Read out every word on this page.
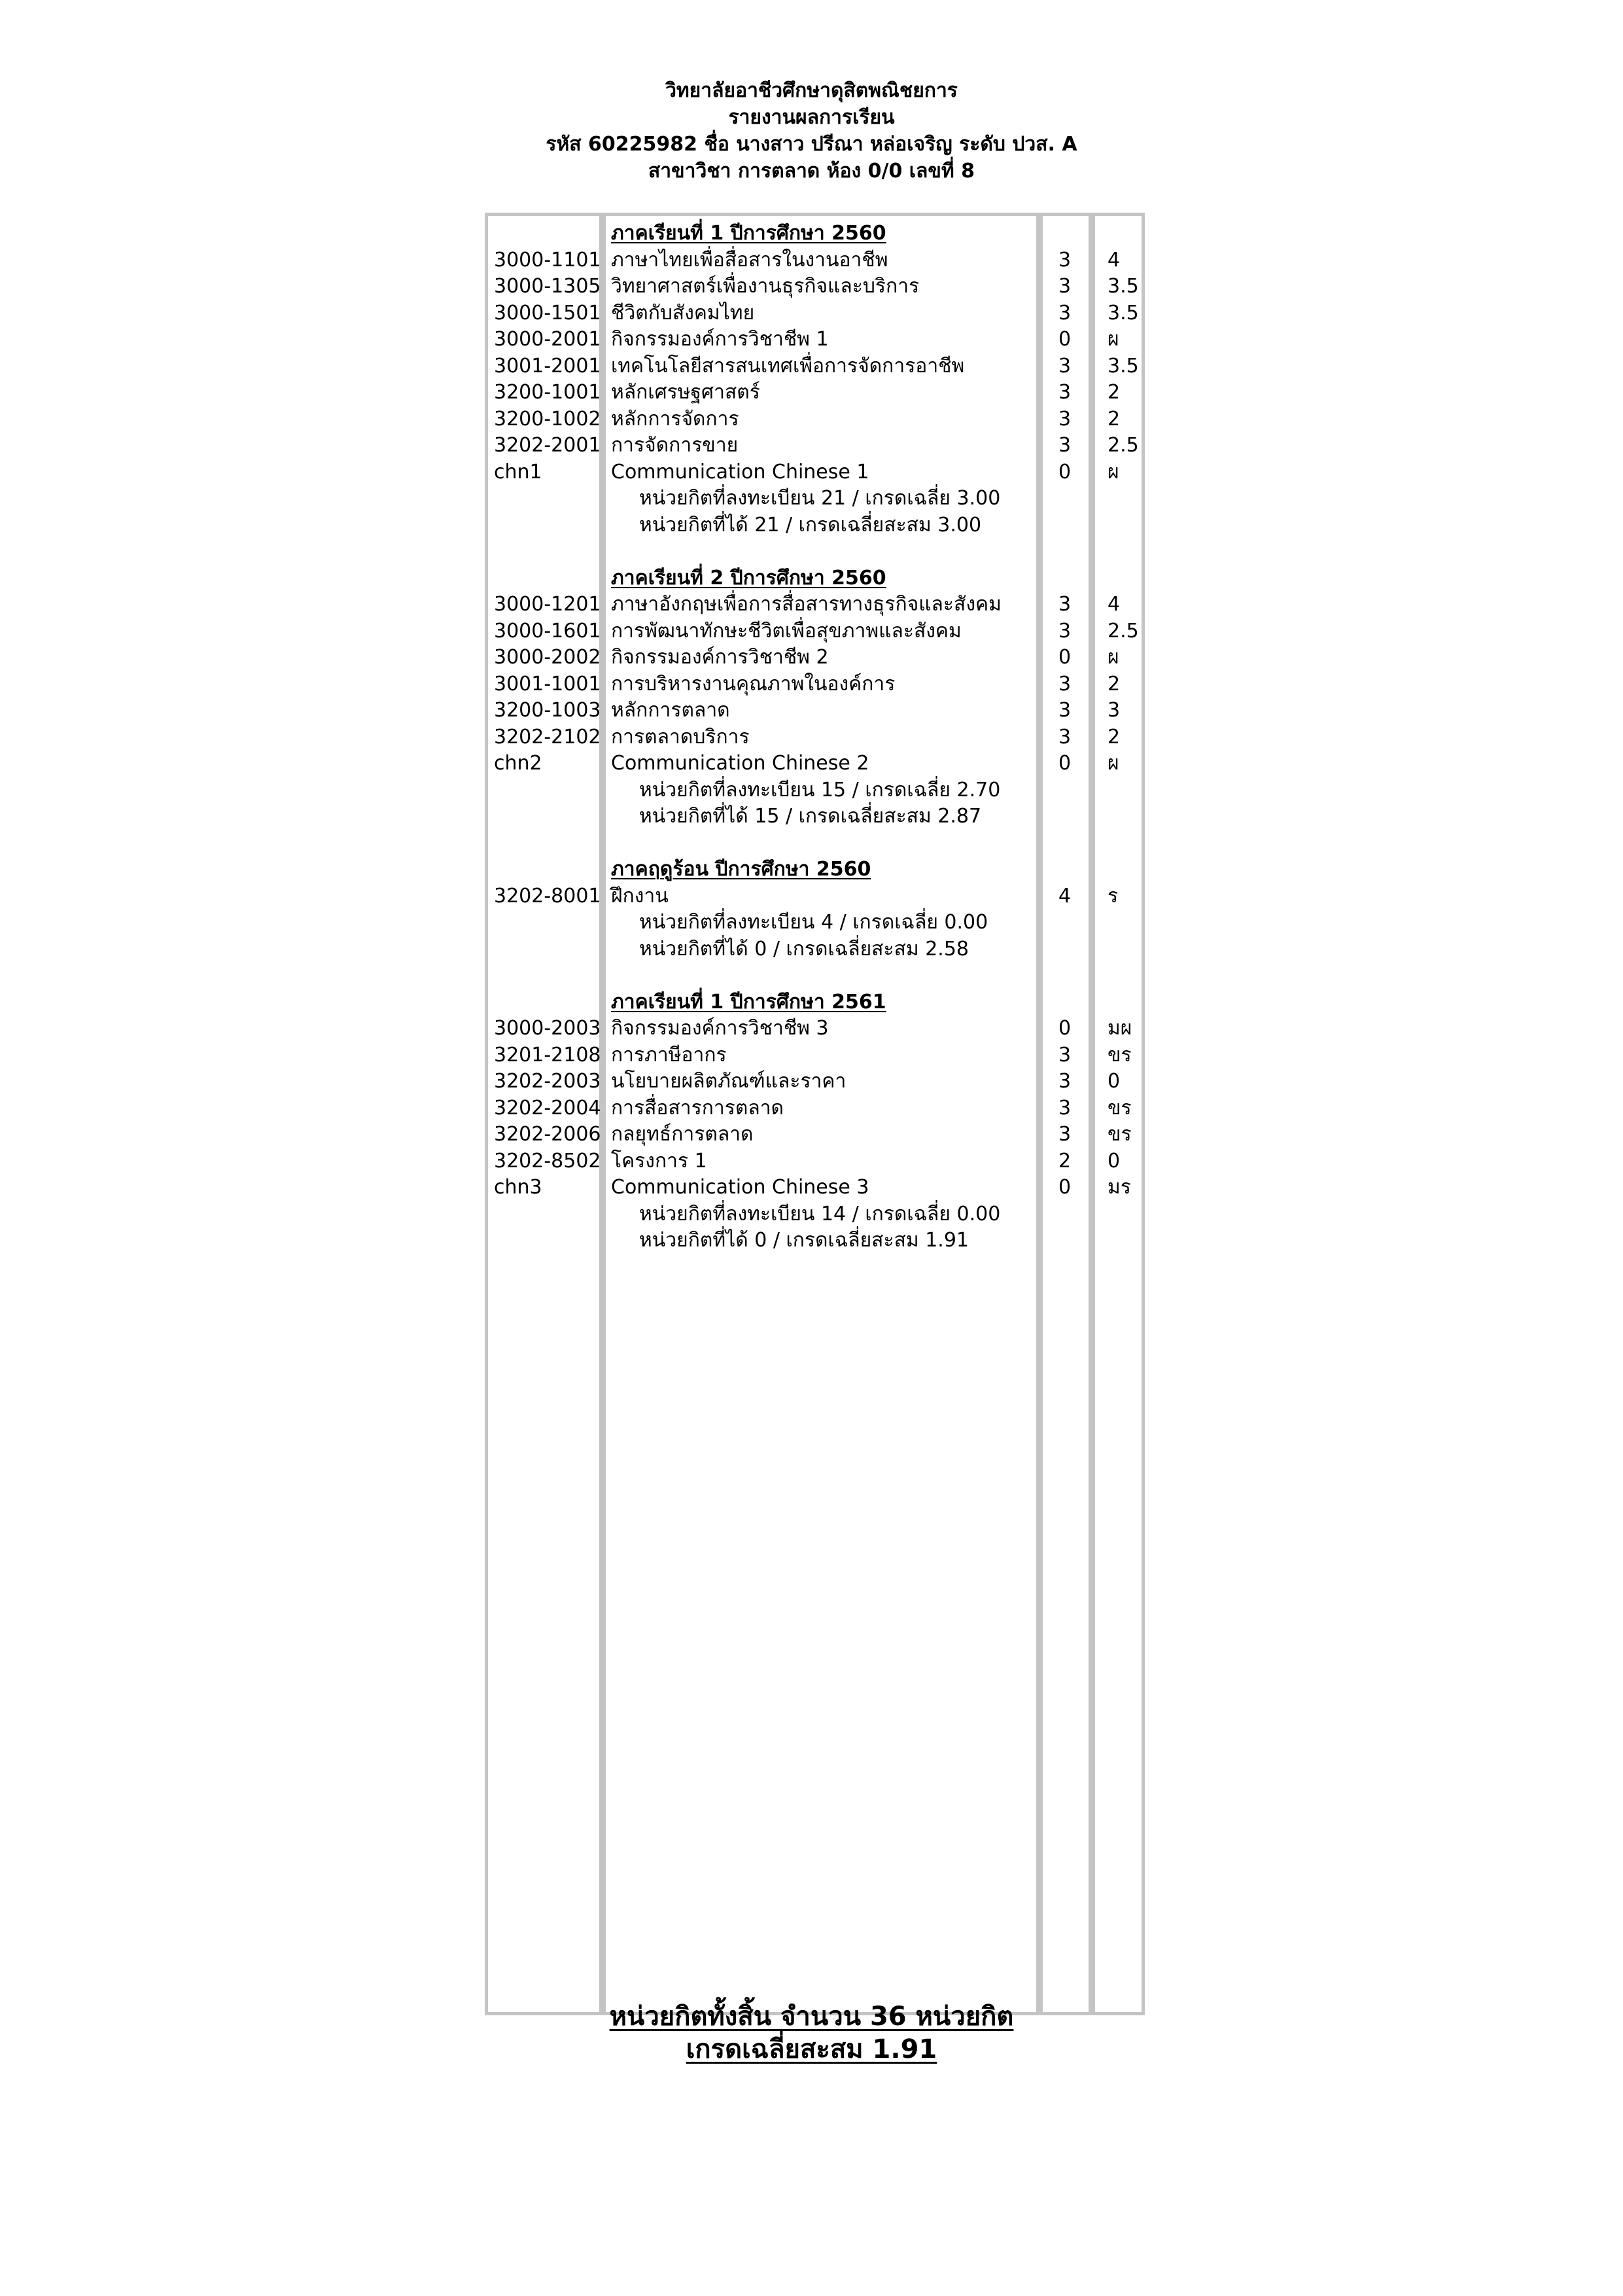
วิทยาลัยอาชีวศึกษาดุสิตพณิชยการ
รายงานผลการเรียน
รหัส 60225982 ชื่อ นางสาว ปรีณา หล่อเจริญ ระดับ ปวส. A
สาขาวิชา การตลาด ห้อง 0/0 เลขที่ 8
ภาคเรียนที่ 1 ปีการศึกษา 2560
3000-1101 ภาษาไทยเพื่อสื่อสารในงานอาชีพ	3 4
3000-1305 วิทยาศาสตร์เพื่องานธุรกิจและบริการ	3 3.5
3000-1501 ชีวิตกับสังคมไทย	3 3.5
3000-2001 กิจกรรมองค์การวิชาชีพ 1	0 ผ
3001-2001 เทคโนโลยีสารสนเทศเพื่อการจัดการอาชีพ	3 3.5
3200-1001 หลักเศรษฐศาสตร์	3 2
3200-1002 หลักการจัดการ	3 2
3202-2001 การจัดการขาย	3 2.5
chn1	Communication Chinese 1	0 ผ
หน่วยกิตที่ลงทะเบียน 21 / เกรดเฉลี่ย 3.00
หน่วยกิตที่ได้ 21 / เกรดเฉลี่ยสะสม 3.00
ภาคเรียนที่ 2 ปีการศึกษา 2560
3000-1201 ภาษาอังกฤษเพื่อการสื่อสารทางธุรกิจและสังคม	3 4
3000-1601 การพัฒนาทักษะชีวิตเพื่อสุขภาพและสังคม	3 2.5
3000-2002 กิจกรรมองค์การวิชาชีพ 2	0 ผ
3001-1001 การบริหารงานคุณภาพในองค์การ	3 2
3200-1003 หลักการตลาด	3 3
3202-2102 การตลาดบริการ	3 2
chn2	Communication Chinese 2	0 ผ
หน่วยกิตที่ลงทะเบียน 15 / เกรดเฉลี่ย 2.70
หน่วยกิตที่ได้ 15 / เกรดเฉลี่ยสะสม 2.87
ภาคฤดูร้อน ปีการศึกษา 2560
3202-8001 ฝึกงาน	4 ร
หน่วยกิตที่ลงทะเบียน 4 / เกรดเฉลี่ย 0.00
หน่วยกิตที่ได้ 0 / เกรดเฉลี่ยสะสม 2.58
ภาคเรียนที่ 1 ปีการศึกษา 2561
3000-2003 กิจกรรมองค์การวิชาชีพ 3	0 มผ
3201-2108 การภาษีอากร	3 ขร
3202-2003 นโยบายผลิตภัณฑ์และราคา	3 0
3202-2004 การสื่อสารการตลาด	3 ขร
3202-2006 กลยุทธ์การตลาด	3 ขร
3202-8502 โครงการ 1	2 0
chn3	Communication Chinese 3	0 มร
หน่วยกิตที่ลงทะเบียน 14 / เกรดเฉลี่ย 0.00
หน่วยกิตที่ได้ 0 / เกรดเฉลี่ยสะสม 1.91
หน่วยกิตทั้งสิ้น จำนวน 36 หน่วยกิต
เกรดเฉลี่ยสะสม 1.91
